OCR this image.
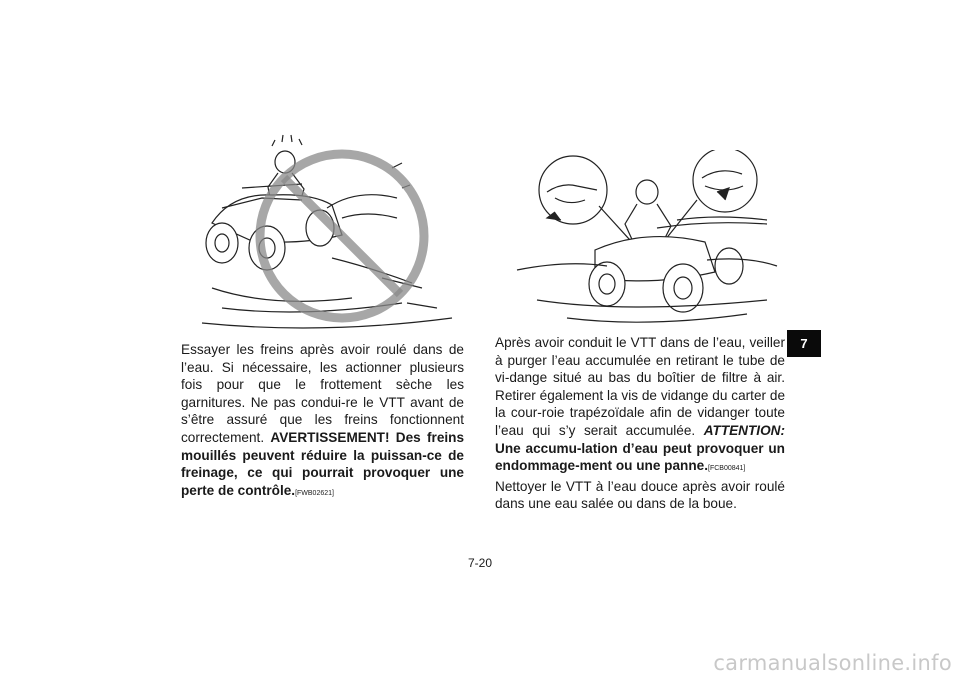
Essayer les freins après avoir roulé dans de l’eau. Si nécessaire, les actionner plusieurs fois pour que le frottement sèche les garnitures. Ne pas condui-re le VTT avant de s’être assuré que les freins fonctionnent correctement. AVERTISSEMENT! Des freins mouillés peuvent réduire la puissan-ce de freinage, ce qui pourrait provoquer une perte de contrôle.[FWB02621]
Après avoir conduit le VTT dans de l’eau, veiller à purger l’eau accumulée en retirant le tube de vi-dange situé au bas du boîtier de filtre à air. Retirer également la vis de vidange du carter de la cour-roie trapézoïdale afin de vidanger toute l’eau qui s’y serait accumulée. ATTENTION: Une accumu-lation d’eau peut provoquer un endommage-ment ou une panne.[FCB00841]
Nettoyer le VTT à l’eau douce après avoir roulé dans une eau salée ou dans de la boue.
7
7-20
carmanualsonline.info
